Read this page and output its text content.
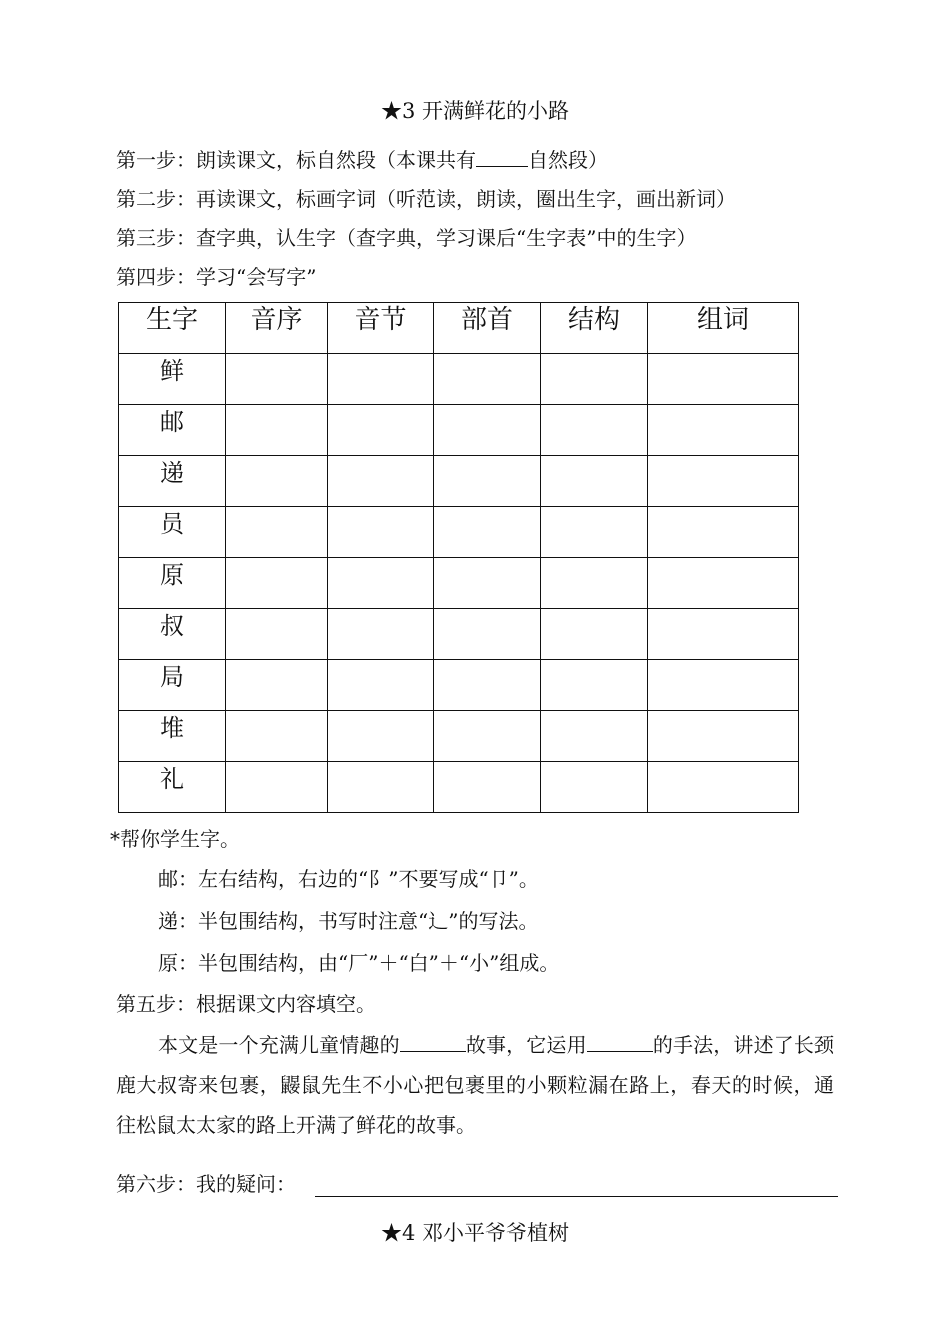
★3 开满鲜花的小路
第一步：朗读课文，标自然段（本课共有	自然段）
第二步：再读课文，标画字词（听范读，朗读，圈出生字，画出新词）
第三步：查字典，认生字（查字典，学习课后“生字表”中的生字）
第四步：学习“会写字”
生字	音序	音节	部首	结构	组词
鲜					
邮					
递					
员					
原					
叔					
局					
堆					
礼					
*帮你学生字。
邮：左右结构，右边的“阝”不要写成“卩”。
递：半包围结构，书写时注意“辶”的写法。
原：半包围结构，由“厂”＋“白”＋“小”组成。
第五步：根据课文内容填空。
本文是一个充满儿童情趣的	故事，它运用	的手法，讲述了长颈鹿大叔寄来包裹，鼹鼠先生不小心把包裹里的小颗粒漏在路上，春天的时候，通往松鼠太太家的路上开满了鲜花的故事。
第六步：我的疑问：
★4 邓小平爷爷植树
